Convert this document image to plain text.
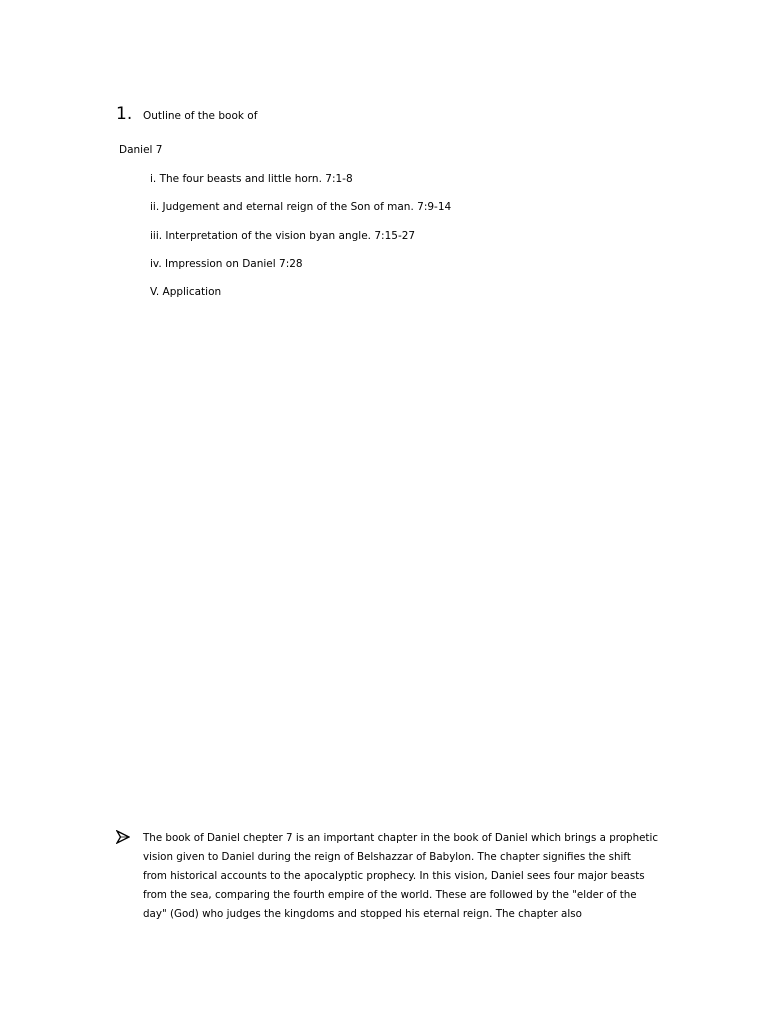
1.	Outline of the book of
Daniel 7
i. The four beasts and little horn. 7:1-8
ii. Judgement and eternal reign of the Son of man. 7:9-14
iii. Interpretation of the vision byan angle. 7:15-27
iv. Impression on Daniel 7:28
V. Application

The book of Daniel chepter 7 is an important chapter in the book of Daniel which brings a prophetic vision given to Daniel during the reign of Belshazzar of Babylon. The chapter signifies the shift from historical accounts to the apocalyptic prophecy. In this vision, Daniel sees four major beasts from the sea, comparing the fourth empire of the world. These are followed by the "elder of the day" (God) who judges the kingdoms and stopped his eternal reign. The chapter also
